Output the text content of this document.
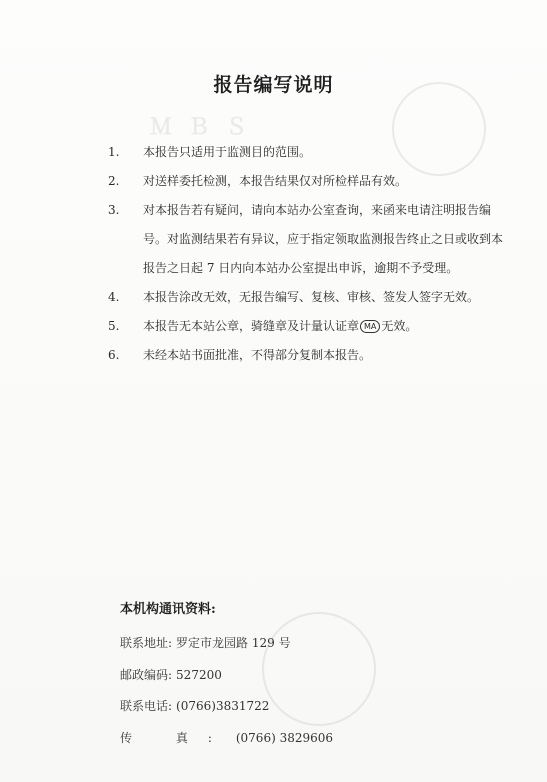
Ｍ Ｂ Ｓ
报告编写说明
1.	本报告只适用于监测目的范围。
2.	对送样委托检测，本报告结果仅对所检样品有效。
3.	对本报告若有疑问，请向本站办公室查询，来函来电请注明报告编号。对监测结果若有异议，应于指定领取监测报告终止之日或收到本报告之日起 7 日内向本站办公室提出申诉，逾期不予受理。
4.	本报告涂改无效，无报告编写、复核、审核、签发人签字无效。
5.	本报告无本站公章，骑缝章及计量认证章 MA 无效。
6.	未经本站书面批准，不得部分复制本报告。
本机构通讯资料:
联系地址: 罗定市龙园路 129 号
邮政编码: 527200
联系电话: (0766)3831722
传 真: (0766) 3829606
